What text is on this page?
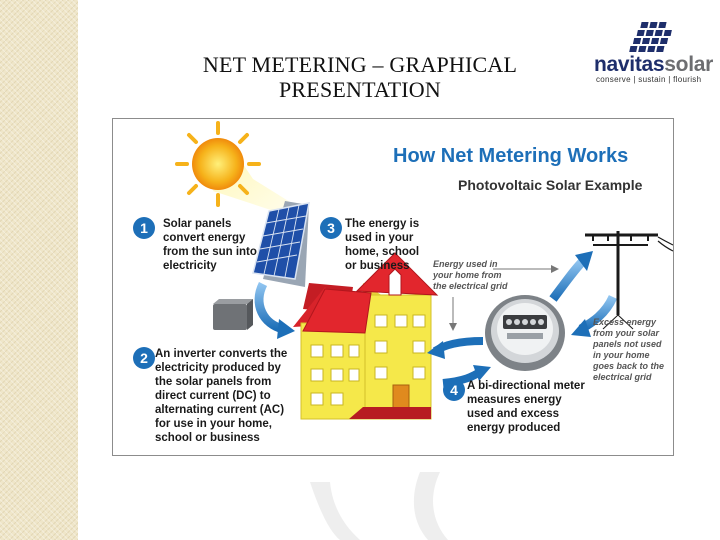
NET METERING – GRAPHICAL
PRESENTATION
navitassolar
conserve | sustain | flourish
How Net Metering Works
Photovoltaic Solar Example
1	Solar panels convert energy from the sun into electricity
2 An inverter converts the electricity produced by the solar panels from direct current (DC) to alternating current (AC) for use in your home, school or business
3 The energy is used in your home, school or business
4 A bi-directional meter measures energy used and excess energy produced
Energy used in your home from the electrical grid
Excess energy from your solar panels not used in your home goes back to the electrical grid
